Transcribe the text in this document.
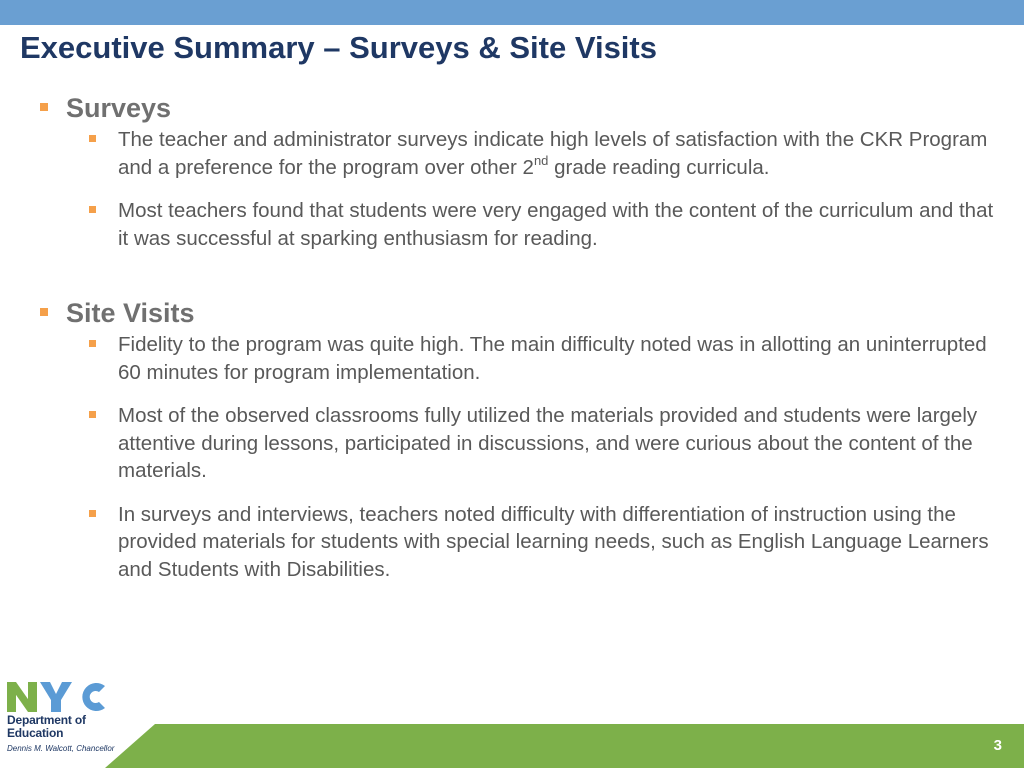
Executive Summary – Surveys & Site Visits
Surveys
The teacher and administrator surveys indicate high levels of satisfaction with the CKR Program and a preference for the program over other 2nd grade reading curricula.
Most teachers found that students were very engaged with the content of the curriculum and that it was successful at sparking enthusiasm for reading.
Site Visits
Fidelity to the program was quite high. The main difficulty noted was in allotting an uninterrupted 60 minutes for program implementation.
Most of the observed classrooms fully utilized the materials provided and students were largely attentive during lessons, participated in discussions, and were curious about the content of the materials.
In surveys and interviews, teachers noted difficulty with differentiation of instruction using the provided materials for students with special learning needs, such as English Language Learners and Students with Disabilities.
Department of
Education
Dennis M. Walcott, Chancellor	3
